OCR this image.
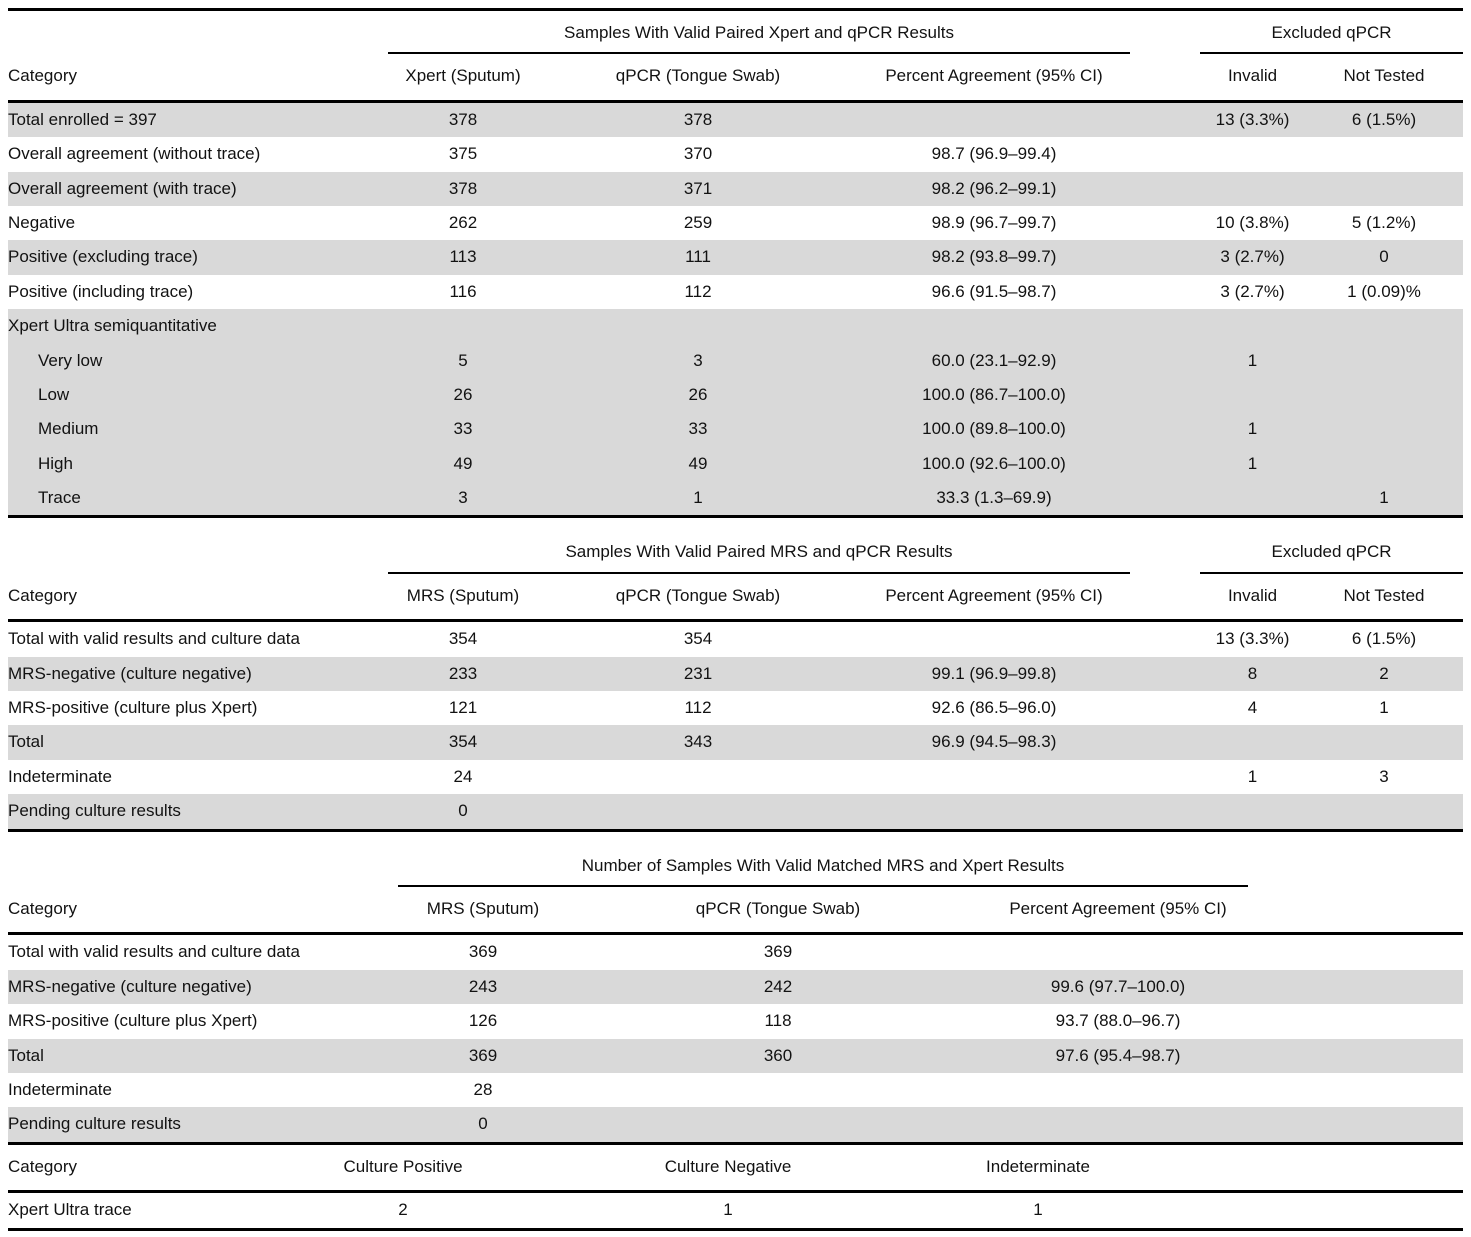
	Samples With Valid Paired Xpert and qPCR Results				Excluded qPCR	
Category	Xpert (Sputum)	qPCR (Tongue Swab)	Percent Agreement (95% CI)		Invalid	Not Tested
Total enrolled = 397	378	378			13 (3.3%)	6 (1.5%)
Overall agreement (without trace)	375	370	98.7 (96.9–99.4)			
Overall agreement (with trace)	378	371	98.2 (96.2–99.1)			
Negative	262	259	98.9 (96.7–99.7)		10 (3.8%)	5 (1.2%)
Positive (excluding trace)	113	111	98.2 (93.8–99.7)		3 (2.7%)	0
Positive (including trace)	116	112	96.6 (91.5–98.7)		3 (2.7%)	1 (0.09)%
Xpert Ultra semiquantitative						
Very low	5	3	60.0 (23.1–92.9)		1	
Low	26	26	100.0 (86.7–100.0)			
Medium	33	33	100.0 (89.8–100.0)		1	
High	49	49	100.0 (92.6–100.0)		1	
Trace	3	1	33.3 (1.3–69.9)			1
	Samples With Valid Paired MRS and qPCR Results				Excluded qPCR	
Category	MRS (Sputum)	qPCR (Tongue Swab)	Percent Agreement (95% CI)		Invalid	Not Tested
Total with valid results and culture data	354	354			13 (3.3%)	6 (1.5%)
MRS-negative (culture negative)	233	231	99.1 (96.9–99.8)		8	2
MRS-positive (culture plus Xpert)	121	112	92.6 (86.5–96.0)		4	1
Total	354	343	96.9 (94.5–98.3)			
Indeterminate	24				1	3
Pending culture results	0					
	Number of Samples With Valid Matched MRS and Xpert Results			
Category	MRS (Sputum)	qPCR (Tongue Swab)	Percent Agreement (95% CI)	
Total with valid results and culture data	369	369		
MRS-negative (culture negative)	243	242	99.6 (97.7–100.0)	
MRS-positive (culture plus Xpert)	126	118	93.7 (88.0–96.7)	
Total	369	360	97.6 (95.4–98.7)	
Indeterminate	28			
Pending culture results	0			
Category	Culture Positive	Culture Negative	Indeterminate	
Xpert Ultra trace	2	1	1	
